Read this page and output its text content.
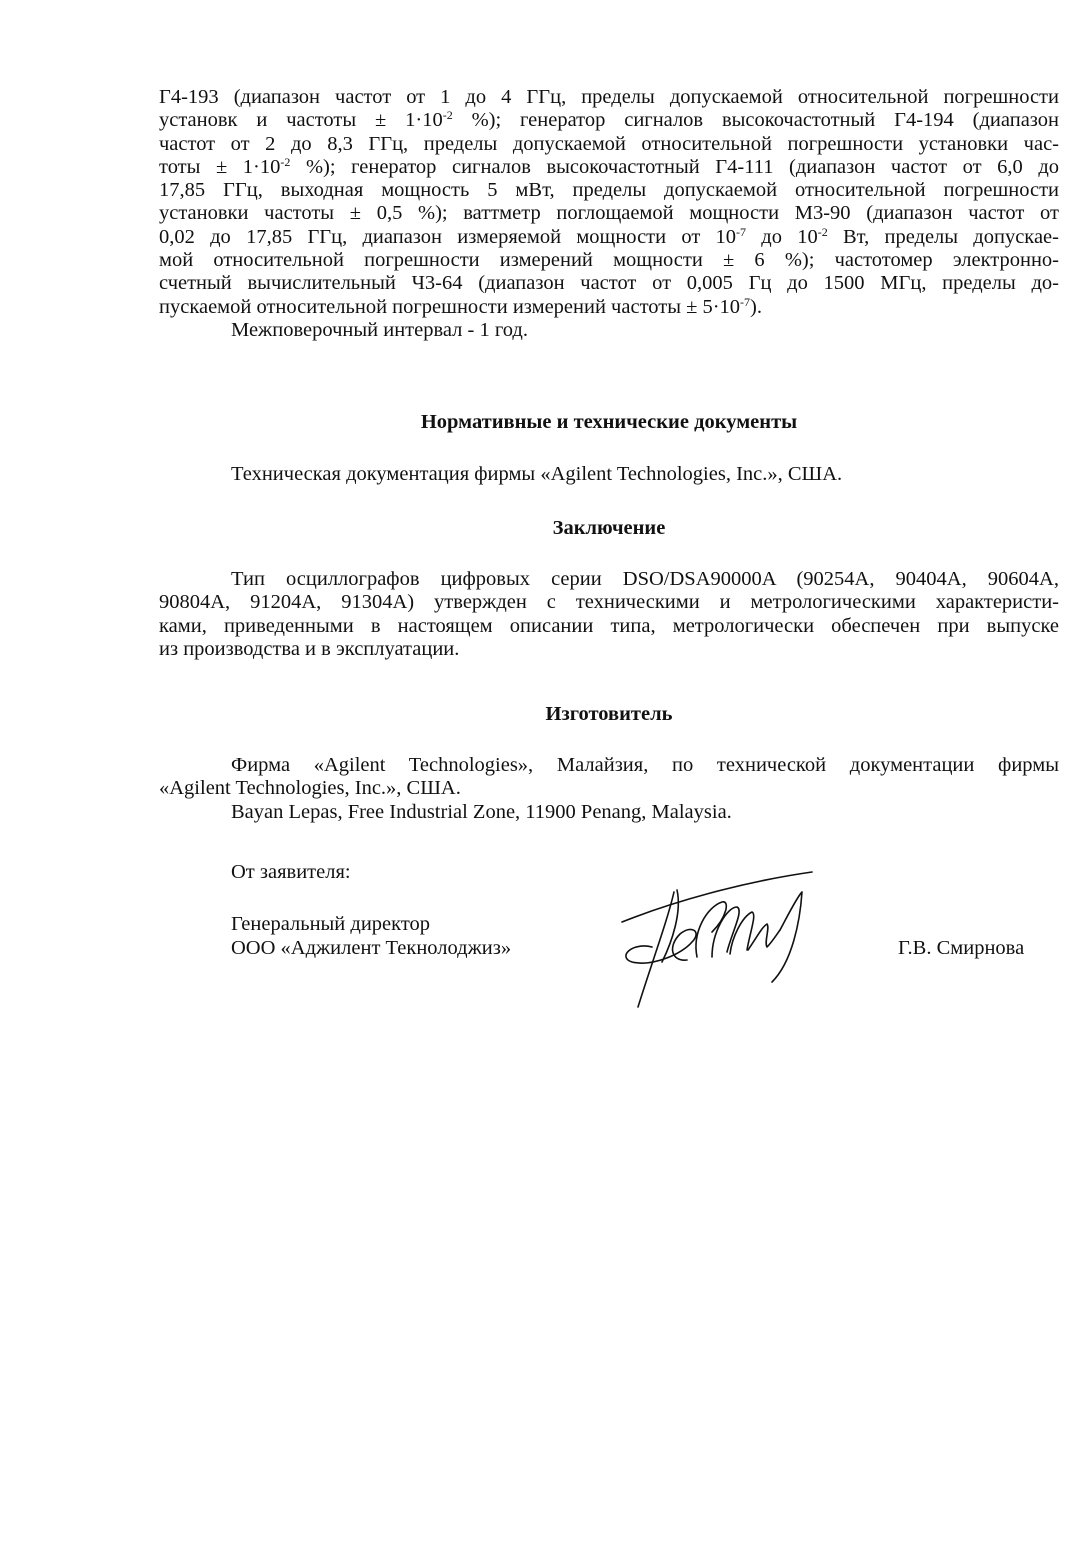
Г4-193 (диапазон частот от 1 до 4 ГГц, пределы допускаемой относительной погрешности
установк и частоты ± $1\cdot 10^{-2}$ %); генератор сигналов высокочастотный Г4-194 (диапазон
частот от 2 до 8,3 ГГц, пределы допускаемой относительной погрешности установки час-
тоты ± $1\cdot 10^{-2}$ %); генератор сигналов высокочастотный Г4-111 (диапазон частот от 6,0 до
17,85 ГГц, выходная мощность 5 мВт, пределы допускаемой относительной погрешности
установки частоты ± 0,5 %); ваттметр поглощаемой мощности М3-90 (диапазон частот от
0,02 до 17,85 ГГц, диапазон измеряемой мощности от $10^{-7}$ до $10^{-2}$ Вт, пределы допускае-
мой относительной погрешности измерений мощности ± 6 %); частотомер электронно-
счетный вычислительный Ч3-64 (диапазон частот от 0,005 Гц до 1500 МГц, пределы до-
пускаемой относительной погрешности измерений частоты ± $5\cdot 10^{-7}$).
Межповерочный интервал - 1 год.
Нормативные и технические документы
Техническая документация фирмы «Agilent Technologies, Inc.», США.
Заключение
Тип осциллографов цифровых серии DSO/DSA90000A (90254A, 90404A, 90604A,
90804A, 91204A, 91304A) утвержден с техническими и метрологическими характеристи-
ками, приведенными в настоящем описании типа, метрологически обеспечен при выпуске
из производства и в эксплуатации.
Изготовитель
Фирма «Agilent Technologies», Малайзия, по технической документации фирмы
«Agilent Technologies, Inc.», США.
Bayan Lepas, Free Industrial Zone, 11900 Penang, Malaysia.
От заявителя:
Генеральный директор
ООО «Аджилент Текнолоджиз»	Г.В. Смирнова
